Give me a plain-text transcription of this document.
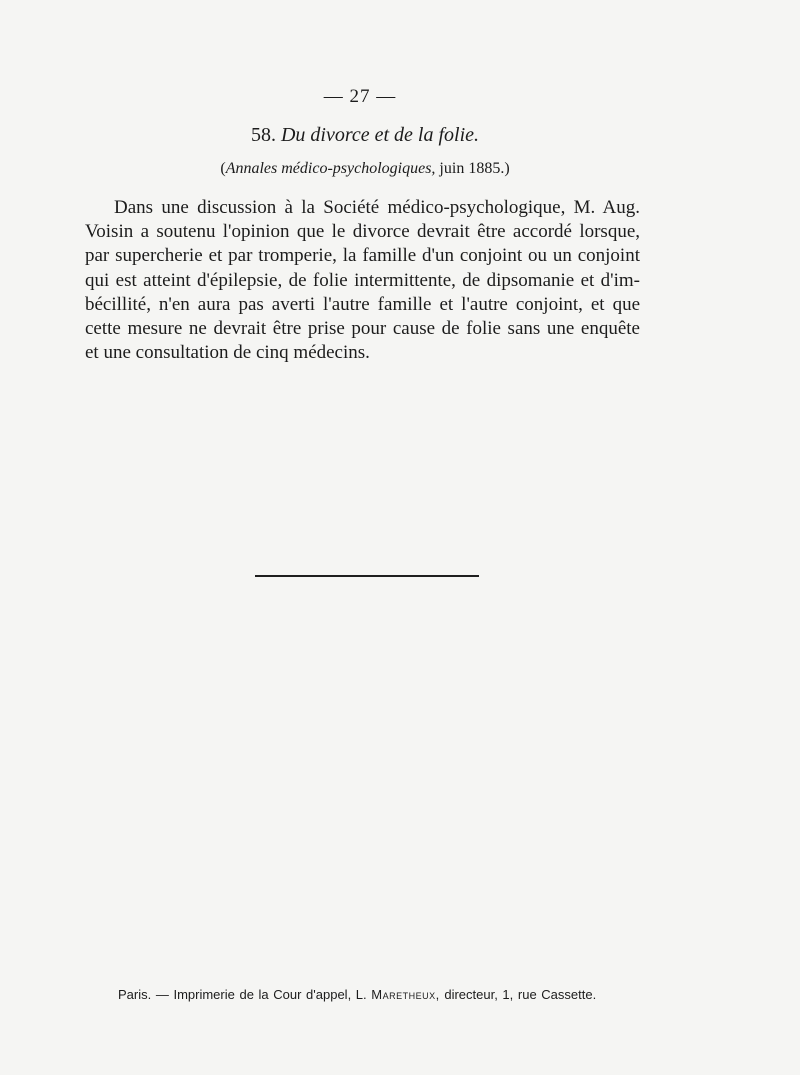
— 27 —
58. Du divorce et de la folie.
(Annales médico-psychologiques, juin 1885.)
Dans une discussion à la Société médico-psychologique, M. Aug.
Voisin a soutenu l'opinion que le divorce devrait être accordé lorsque,
par supercherie et par tromperie, la famille d'un conjoint ou un conjoint
qui est atteint d'épilepsie, de folie intermittente, de dipsomanie et d'im-
bécillité, n'en aura pas averti l'autre famille et l'autre conjoint, et que
cette mesure ne devrait être prise pour cause de folie sans une enquête
et une consultation de cinq médecins.
Paris. — Imprimerie de la Cour d'appel, L. Maretheux, directeur, 1, rue Cassette.
